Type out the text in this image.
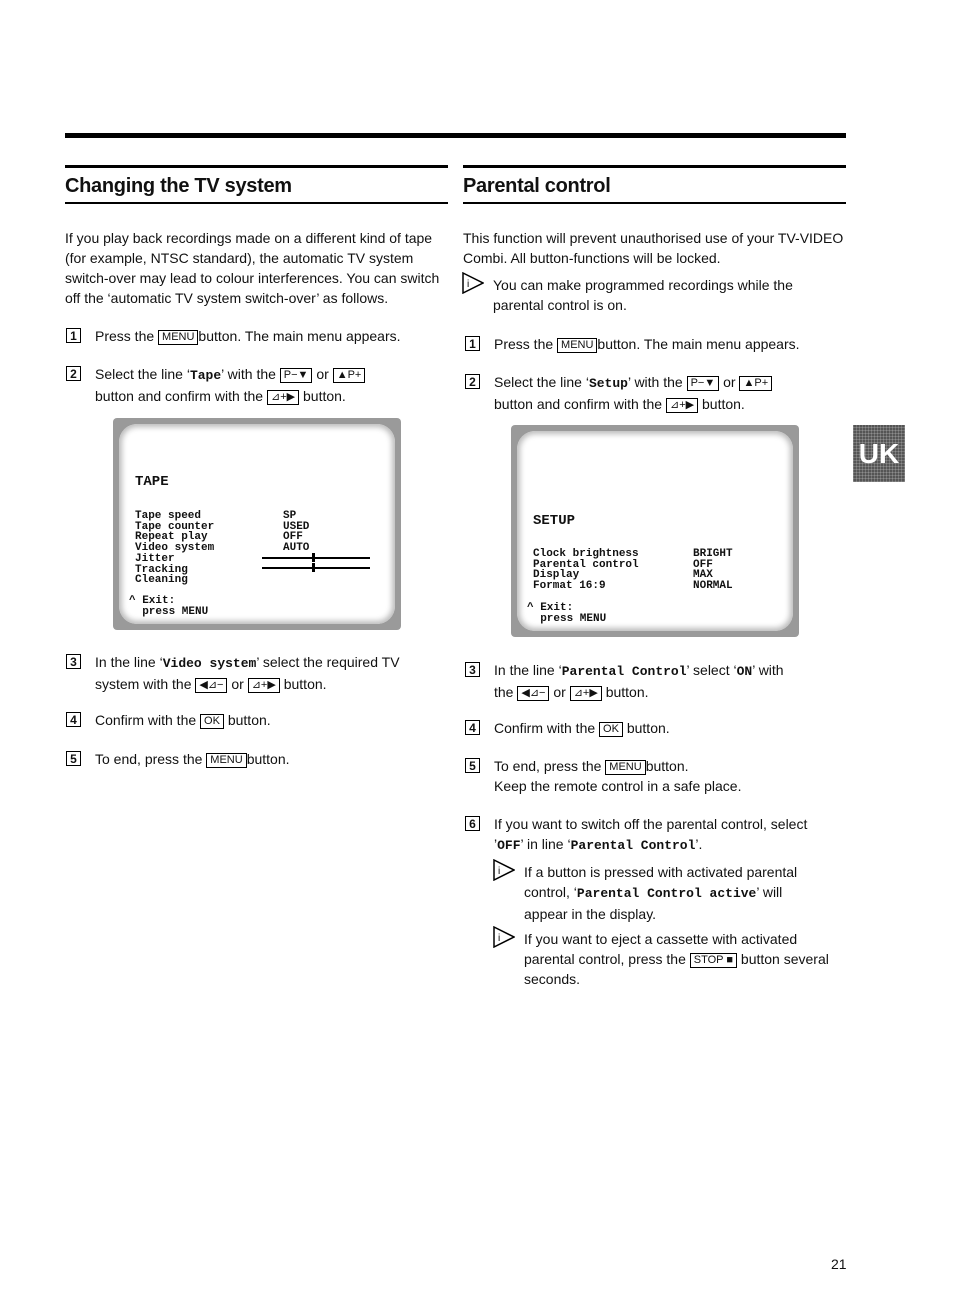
Changing the TV system
If you play back recordings made on a different kind of tape (for example, NTSC standard), the automatic TV system switch-over may lead to colour interferences. You can switch off the ‘automatic TV system switch-over’ as follows.
1 Press the MENU button. The main menu appears.
2 Select the line ‘Tape’ with the P−▼ or ▲P+
button and confirm with the ⊿+▶ button.
TAPE
Tape speed
Tape counter
Repeat play
Video system
Jitter
Tracking
Cleaning
SP
USED
OFF
AUTO
^ Exit:
press MENU
3 In the line ‘Video system’ select the required TV
system with the ◀⊿− or ⊿+▶ button.
4 Confirm with the OK button.
5 To end, press the MENU button.
Parental control
This function will prevent unauthorised use of your TV-VIDEO Combi. All button-functions will be locked.
i You can make programmed recordings while the parental control is on.
1 Press the MENU button. The main menu appears.
2 Select the line ‘Setup’ with the P−▼ or ▲P+
button and confirm with the ⊿+▶ button.
SETUP
Clock brightness
Parental control
Display
Format 16:9
BRIGHT
OFF
MAX
NORMAL
^ Exit:
press MENU
3 In the line ‘Parental Control’ select ‘ON’ with
the ◀⊿− or ⊿+▶ button.
4 Confirm with the OK button.
5 To end, press the MENU button.
Keep the remote control in a safe place.
6 If you want to switch off the parental control, select
’OFF’ in line ‘Parental Control’.
i If a button is pressed with activated parental
control, ‘Parental Control active’ will
appear in the display.
i If you want to eject a cassette with activated
parental control, press the STOP ■ button several
seconds.
UK
21
